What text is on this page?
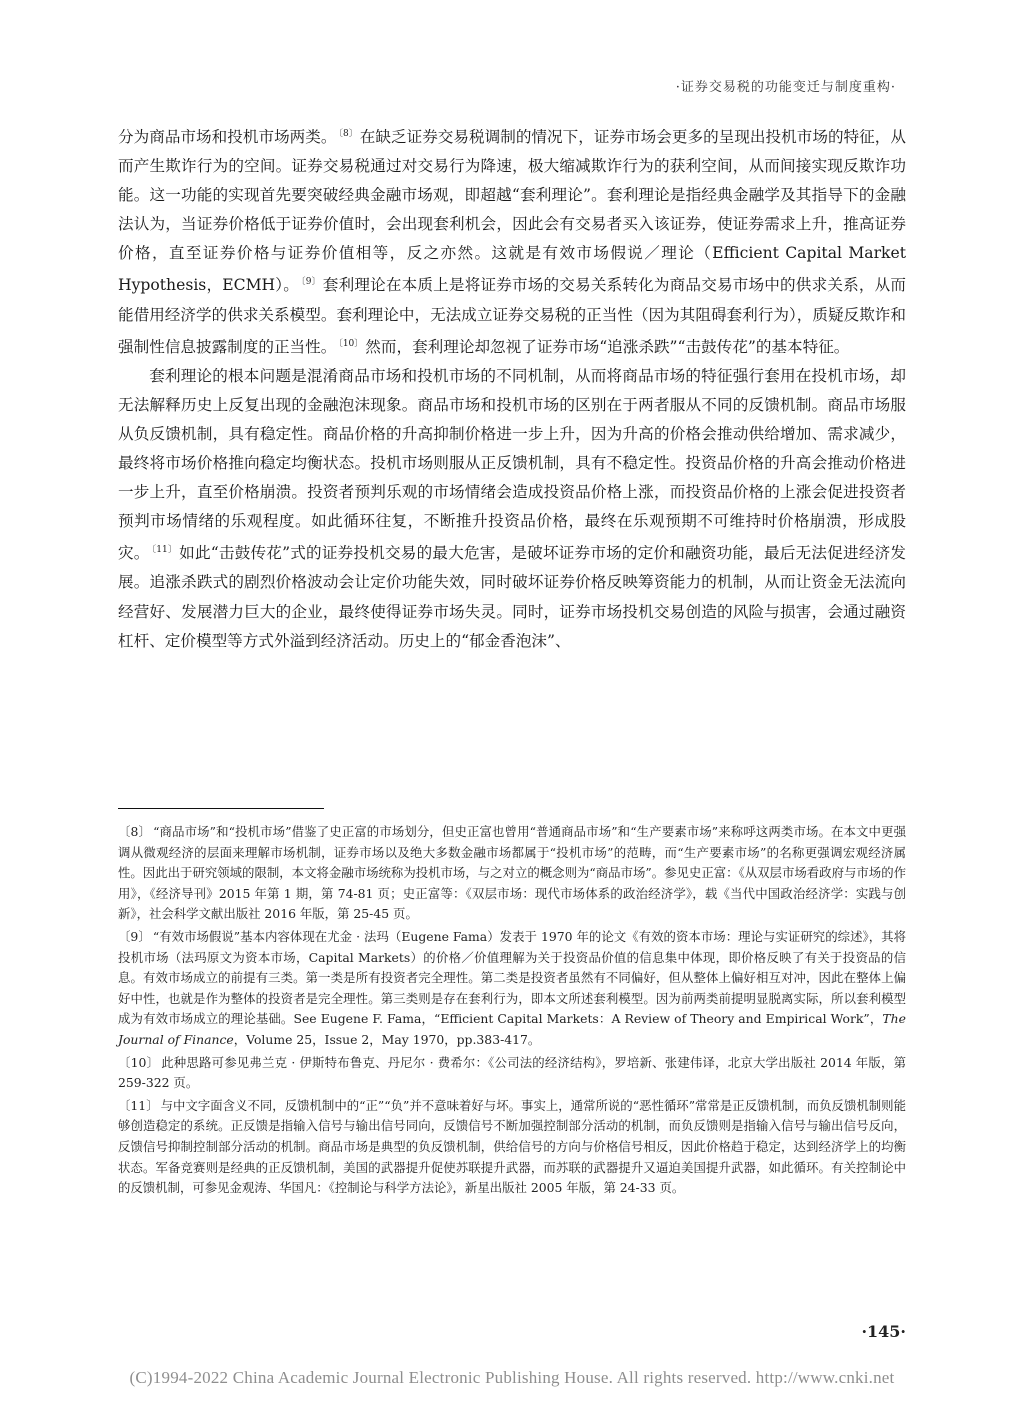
·证券交易税的功能变迁与制度重构·

分为商品市场和投机市场两类。 $^{〔8〕}$ 在缺乏证券交易税调制的情况下，证券市场会更多的呈现出投机市场的特征，从而产生欺诈行为的空间。证券交易税通过对交易行为降速，极大缩减欺诈行为的获利空间，从而间接实现反欺诈功能。这一功能的实现首先要突破经典金融市场观，即超越“套利理论”。套利理论是指经典金融学及其指导下的金融法认为，当证券价格低于证券价值时，会出现套利机会，因此会有交易者买入该证券，使证券需求上升，推高证券价格，直至证券价格与证券价值相等，反之亦然。这就是有效市场假说／理论（Efficient Capital Market Hypothesis，ECMH）。 $^{〔9〕}$ 套利理论在本质上是将证券市场的交易关系转化为商品交易市场中的供求关系，从而能借用经济学的供求关系模型。套利理论中，无法成立证券交易税的正当性（因为其阻碍套利行为），质疑反欺诈和强制性信息披露制度的正当性。 $^{〔10〕}$ 然而，套利理论却忽视了证券市场“追涨杀跌”“击鼓传花”的基本特征。

套利理论的根本问题是混淆商品市场和投机市场的不同机制，从而将商品市场的特征强行套用在投机市场，却无法解释历史上反复出现的金融泡沫现象。商品市场和投机市场的区别在于两者服从不同的反馈机制。商品市场服从负反馈机制，具有稳定性。商品价格的升高抑制价格进一步上升，因为升高的价格会推动供给增加、需求减少，最终将市场价格推向稳定均衡状态。投机市场则服从正反馈机制，具有不稳定性。投资品价格的升高会推动价格进一步上升，直至价格崩溃。投资者预判乐观的市场情绪会造成投资品价格上涨，而投资品价格的上涨会促进投资者预判市场情绪的乐观程度。如此循环往复，不断推升投资品价格，最终在乐观预期不可维持时价格崩溃，形成股灾。 $^{〔11〕}$ 如此“击鼓传花”式的证券投机交易的最大危害，是破坏证券市场的定价和融资功能，最后无法促进经济发展。追涨杀跌式的剧烈价格波动会让定价功能失效，同时破坏证券价格反映筹资能力的机制，从而让资金无法流向经营好、发展潜力巨大的企业，最终使得证券市场失灵。同时，证券市场投机交易创造的风险与损害，会通过融资杠杆、定价模型等方式外溢到经济活动。历史上的“郁金香泡沫”、

〔8〕 “商品市场”和“投机市场”借鉴了史正富的市场划分，但史正富也曾用“普通商品市场”和“生产要素市场”来称呼这两类市场。在本文中更强调从微观经济的层面来理解市场机制，证券市场以及绝大多数金融市场都属于“投机市场”的范畴，而“生产要素市场”的名称更强调宏观经济属性。因此出于研究领域的限制，本文将金融市场统称为投机市场，与之对立的概念则为“商品市场”。参见史正富：《从双层市场看政府与市场的作用》，《经济导刊》2015 年第 1 期，第 74-81 页；史正富等：《双层市场：现代市场体系的政治经济学》，载《当代中国政治经济学：实践与创新》，社会科学文献出版社 2016 年版，第 25-45 页。

〔9〕 “有效市场假说”基本内容体现在尤金 · 法玛（Eugene Fama）发表于 1970 年的论文《有效的资本市场：理论与实证研究的综述》，其将投机市场（法玛原文为资本市场，Capital Markets）的价格／价值理解为关于投资品价值的信息集中体现，即价格反映了有关于投资品的信息。有效市场成立的前提有三类。第一类是所有投资者完全理性。第二类是投资者虽然有不同偏好，但从整体上偏好相互对冲，因此在整体上偏好中性，也就是作为整体的投资者是完全理性。第三类则是存在套利行为，即本文所述套利模型。因为前两类前提明显脱离实际，所以套利模型成为有效市场成立的理论基础。See Eugene F. Fama，“Efficient Capital Markets：A Review of Theory and Empirical Work”，The Journal of Finance，Volume 25，Issue 2，May 1970，pp.383-417。

〔10〕 此种思路可参见弗兰克 · 伊斯特布鲁克、丹尼尔 · 费希尔：《公司法的经济结构》，罗培新、张建伟译，北京大学出版社 2014 年版，第 259-322 页。

〔11〕 与中文字面含义不同，反馈机制中的“正”“负”并不意味着好与坏。事实上，通常所说的“恶性循环”常常是正反馈机制，而负反馈机制则能够创造稳定的系统。正反馈是指输入信号与输出信号同向，反馈信号不断加强控制部分活动的机制，而负反馈则是指输入信号与输出信号反向，反馈信号抑制控制部分活动的机制。商品市场是典型的负反馈机制，供给信号的方向与价格信号相反，因此价格趋于稳定，达到经济学上的均衡状态。军备竞赛则是经典的正反馈机制，美国的武器提升促使苏联提升武器，而苏联的武器提升又逼迫美国提升武器，如此循环。有关控制论中的反馈机制，可参见金观涛、华国凡：《控制论与科学方法论》，新星出版社 2005 年版，第 24-33 页。

·145·
(C)1994-2022 China Academic Journal Electronic Publishing House. All rights reserved. http://www.cnki.net
